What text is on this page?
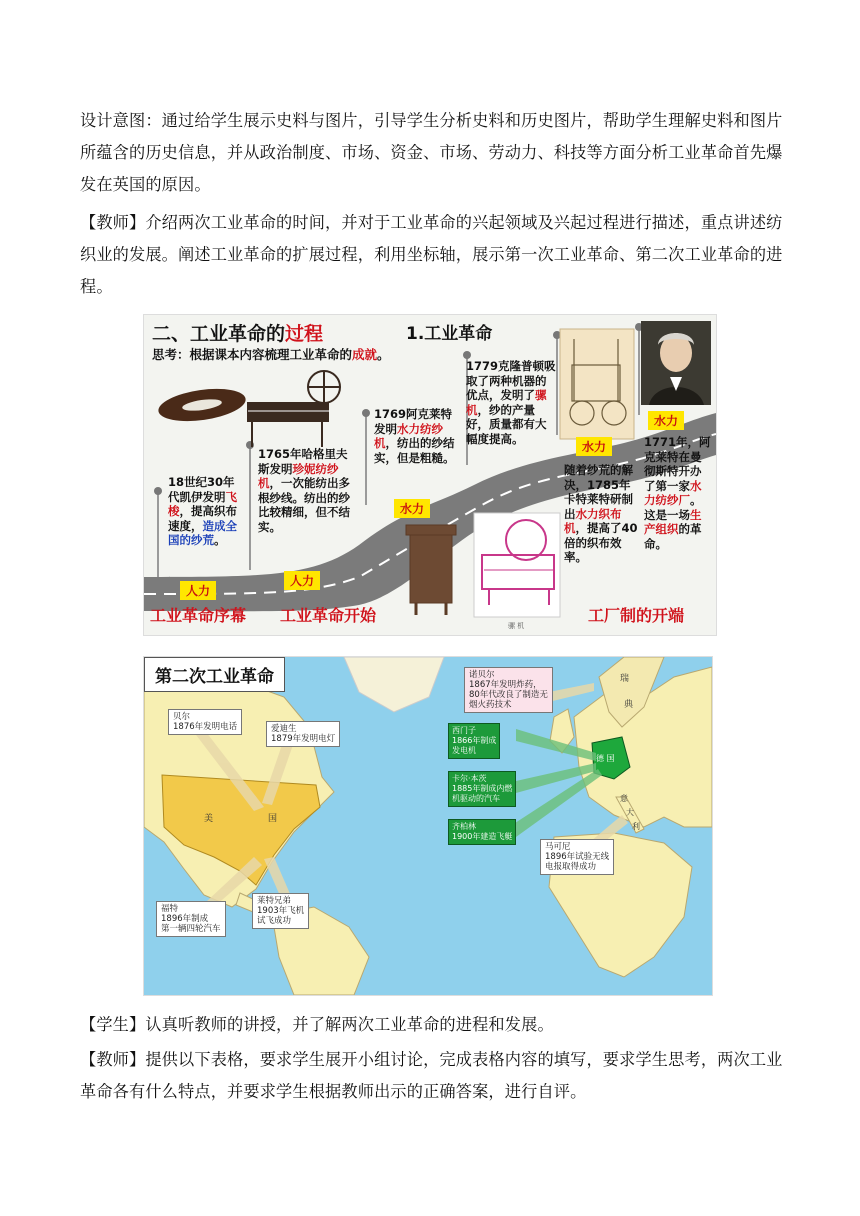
设计意图：通过给学生展示史料与图片，引导学生分析史料和历史图片，帮助学生理解史料和图片所蕴含的历史信息，并从政治制度、市场、资金、市场、劳动力、科技等方面分析工业革命首先爆发在英国的原因。
【教师】介绍两次工业革命的时间，并对于工业革命的兴起领域及兴起过程进行描述，重点讲述纺织业的发展。阐述工业革命的扩展过程，利用坐标轴，展示第一次工业革命、第二次工业革命的进程。
二、工业革命的过程	1.工业革命
思考：根据课本内容梳理工业革命的成就。
18世纪30年代凯伊发明飞梭，提高织布速度，造成全国的纱荒。
1765年哈格里夫斯发明珍妮纺纱机，一次能纺出多根纱线。纺出的纱比较精细，但不结实。
1769阿克莱特发明水力纺纱机，纺出的纱结实，但是粗糙。
1779克隆普顿吸取了两种机器的优点，发明了骡机，纱的产量好，质量都有大幅度提高。
随着纱荒的解决，1785年卡特莱特研制出水力织布机，提高了40倍的织布效率。
1771年，阿克莱特在曼彻斯特开办了第一家水力纺纱厂。这是一场生产组织的革命。
人力
人力
水力
水力
水力
工业革命序幕 工业革命开始	工厂制的开端
骡 机
第二次工业革命
贝尔
1876年发明电话	爱迪生
1879年发明电灯
诺贝尔
1867年发明炸药，
80年代改良了制造无
烟火药技术
西门子
1866年制成
发电机
卡尔·本茨
1885年制成内燃
机驱动的汽车
齐柏林
1900年建造飞艇
马可尼
1896年试验无线
电报取得成功
福特
1896年制成
第一辆四轮汽车
莱特兄弟
1903年飞机
试飞成功
美	国
德 国
瑞
典
意
大
利
【学生】认真听教师的讲授，并了解两次工业革命的进程和发展。
【教师】提供以下表格，要求学生展开小组讨论，完成表格内容的填写，要求学生思考，两次工业革命各有什么特点，并要求学生根据教师出示的正确答案，进行自评。
